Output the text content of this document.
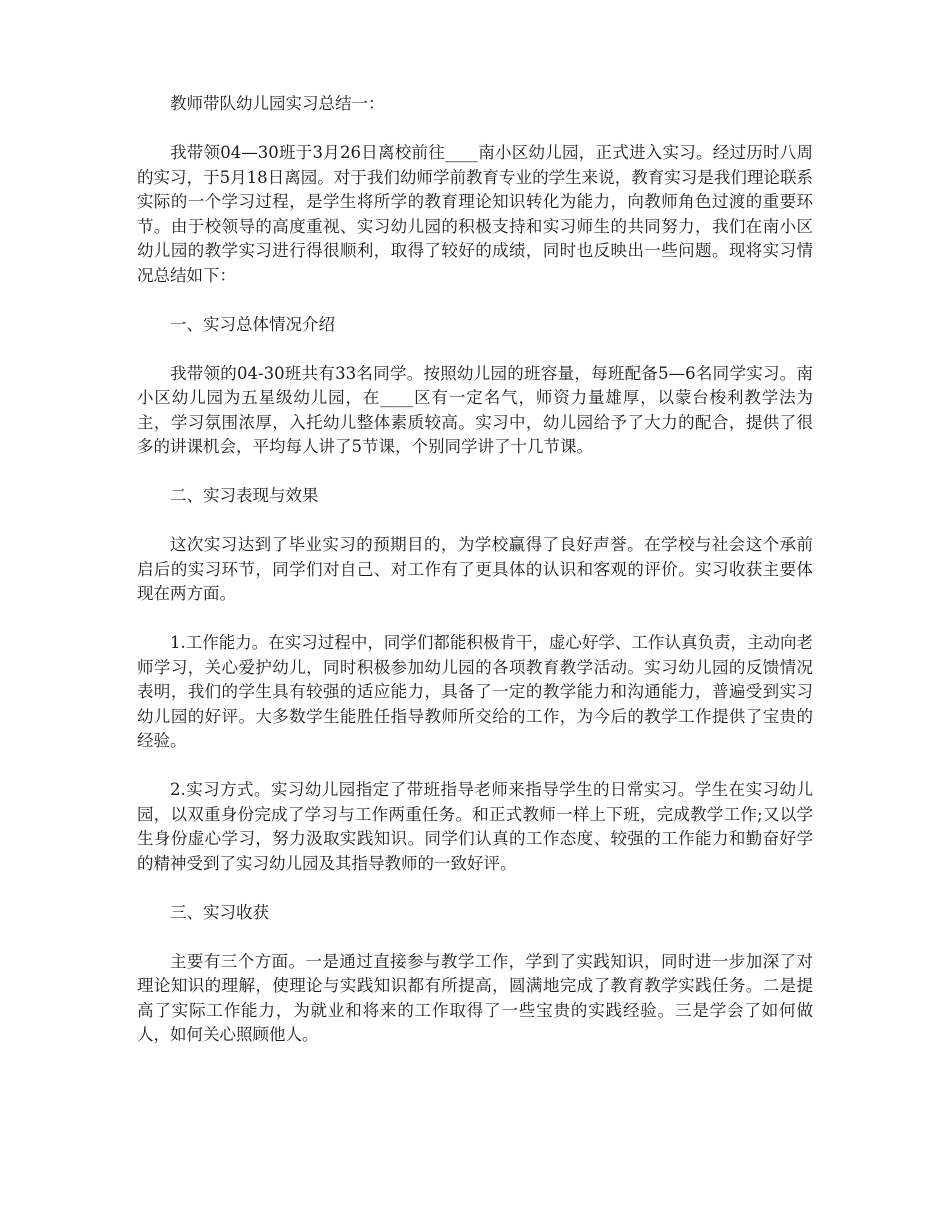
教师带队幼儿园实习总结一：

我带领04—30班于3月26日离校前往____南小区幼儿园，正式进入实习。经过历时八周的实习，于5月18日离园。对于我们幼师学前教育专业的学生来说，教育实习是我们理论联系实际的一个学习过程，是学生将所学的教育理论知识转化为能力，向教师角色过渡的重要环节。由于校领导的高度重视、实习幼儿园的积极支持和实习师生的共同努力，我们在南小区幼儿园的教学实习进行得很顺利，取得了较好的成绩，同时也反映出一些问题。现将实习情况总结如下：

一、实习总体情况介绍

我带领的04-30班共有33名同学。按照幼儿园的班容量，每班配备5—6名同学实习。南小区幼儿园为五星级幼儿园，在____区有一定名气，师资力量雄厚，以蒙台梭利教学法为主，学习氛围浓厚，入托幼儿整体素质较高。实习中，幼儿园给予了大力的配合，提供了很多的讲课机会，平均每人讲了5节课，个别同学讲了十几节课。

二、实习表现与效果

这次实习达到了毕业实习的预期目的，为学校赢得了良好声誉。在学校与社会这个承前启后的实习环节，同学们对自己、对工作有了更具体的认识和客观的评价。实习收获主要体现在两方面。

1.工作能力。在实习过程中，同学们都能积极肯干，虚心好学、工作认真负责，主动向老师学习，关心爱护幼儿，同时积极参加幼儿园的各项教育教学活动。实习幼儿园的反馈情况表明，我们的学生具有较强的适应能力，具备了一定的教学能力和沟通能力，普遍受到实习幼儿园的好评。大多数学生能胜任指导教师所交给的工作，为今后的教学工作提供了宝贵的经验。

2.实习方式。实习幼儿园指定了带班指导老师来指导学生的日常实习。学生在实习幼儿园，以双重身份完成了学习与工作两重任务。和正式教师一样上下班，完成教学工作;又以学生身份虚心学习，努力汲取实践知识。同学们认真的工作态度、较强的工作能力和勤奋好学的精神受到了实习幼儿园及其指导教师的一致好评。

三、实习收获

主要有三个方面。一是通过直接参与教学工作，学到了实践知识，同时进一步加深了对理论知识的理解，使理论与实践知识都有所提高，圆满地完成了教育教学实践任务。二是提高了实际工作能力，为就业和将来的工作取得了一些宝贵的实践经验。三是学会了如何做人，如何关心照顾他人。
